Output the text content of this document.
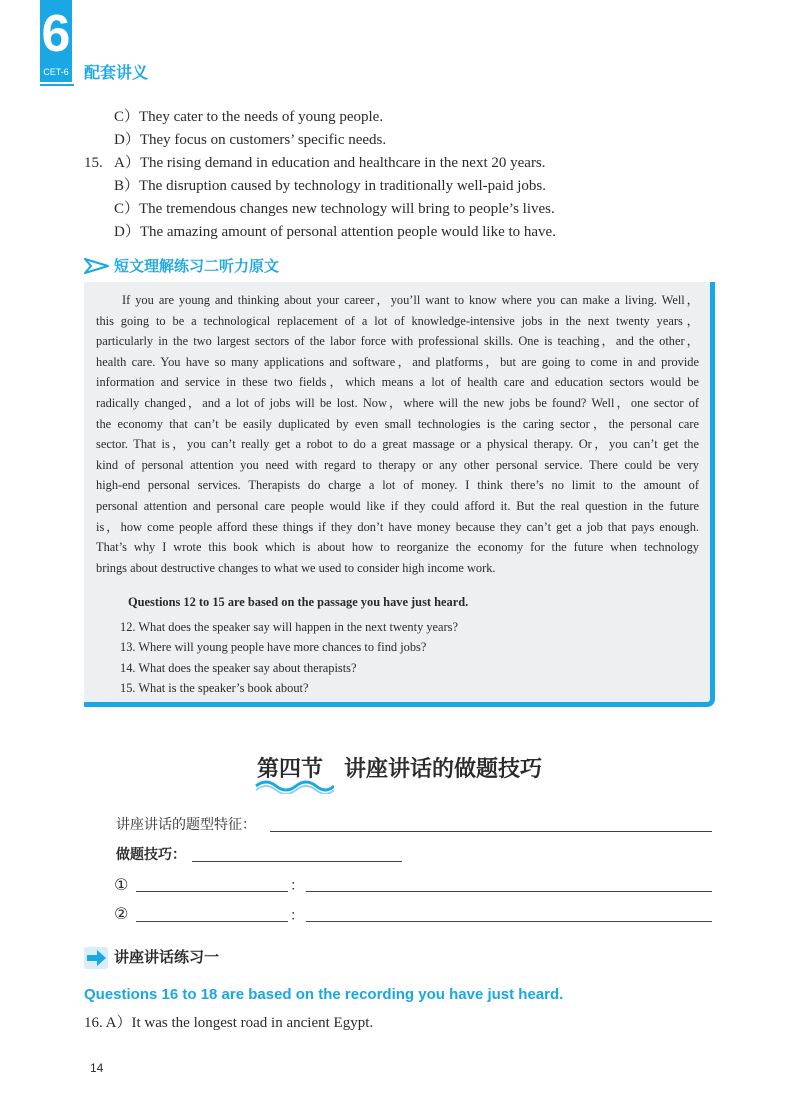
6
CET-6 配套讲义
C）They cater to the needs of young people.
D）They focus on customers’ specific needs.
15. A）The rising demand in education and healthcare in the next 20 years.
B）The disruption caused by technology in traditionally well-paid jobs.
C）The tremendous changes new technology will bring to people’s lives.
D）The amazing amount of personal attention people would like to have.
短文理解练习二听力原文
If you are young and thinking about your career，you’ll want to know where you can make a living. Well，
this going to be a technological replacement of a lot of knowledge-intensive jobs in the next twenty years，
particularly in the two largest sectors of the labor force with professional skills. One is teaching，and the other，
health care. You have so many applications and software，and platforms，but are going to come in and provide
information and service in these two fields，which means a lot of health care and education sectors would be
radically changed，and a lot of jobs will be lost. Now，where will the new jobs be found? Well，one sector of
the economy that can’t be easily duplicated by even small technologies is the caring sector，the personal care
sector. That is，you can’t really get a robot to do a great massage or a physical therapy. Or，you can’t get the
kind of personal attention you need with regard to therapy or any other personal service. There could be very
high-end personal services. Therapists do charge a lot of money. I think there’s no limit to the amount of
personal attention and personal care people would like if they could afford it. But the real question in the future
is，how come people afford these things if they don’t have money because they can’t get a job that pays enough.
That’s why I wrote this book which is about how to reorganize the economy for the future when technology
brings about destructive changes to what we used to consider high income work.
Questions 12 to 15 are based on the passage you have just heard.
12. What does the speaker say will happen in the next twenty years?
13. Where will young people have more chances to find jobs?
14. What does the speaker say about therapists?
15. What is the speaker’s book about?
第四节 讲座讲话的做题技巧
讲座讲话的题型特征：
做题技巧：
①	：
②	：
讲座讲话练习一
Questions 16 to 18 are based on the recording you have just heard.
16. A）It was the longest road in ancient Egypt.
14
